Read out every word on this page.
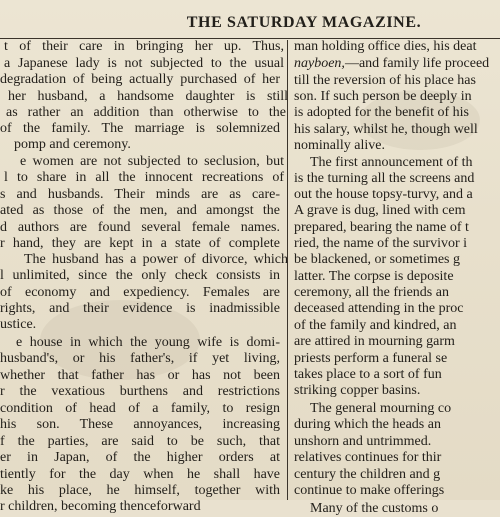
THE SATURDAY MAGAZINE.
t of their care in bringing her up. Thus,
a Japanese lady is not subjected to the usual
degradation of being actually purchased of her
her husband, a handsome daughter is still
as rather an addition than otherwise to the
of the family. The marriage is solemnized
pomp and ceremony.
e women are not subjected to seclusion, but
l to share in all the innocent recreations of
s and husbands. Their minds are as care-
ated as those of the men, and amongst the
d authors are found several female names.
r hand, they are kept in a state of complete
The husband has a power of divorce, which
l unlimited, since the only check consists in
of economy and expediency. Females are
rights, and their evidence is inadmissible
ustice.
e house in which the young wife is domi-
husband's, or his father's, if yet living,
whether that father has or has not been
r the vexatious burthens and restrictions
condition of head of a family, to resign
his son. These annoyances, increasing
f the parties, are said to be such, that
er in Japan, of the higher orders at
tiently for the day when he shall have
ke his place, he himself, together with
r children, becoming thenceforward
man holding office dies, his deat
nayboen,—and family life proceed
till the reversion of his place has
son. If such person be deeply in
is adopted for the benefit of his
his salary, whilst he, though well
nominally alive.
The first announcement of th
is the turning all the screens and
out the house topsy-turvy, and a
A grave is dug, lined with cem
prepared, bearing the name of t
ried, the name of the survivor i
be blackened, or sometimes g
latter. The corpse is deposite
ceremony, all the friends an
deceased attending in the proc
of the family and kindred, an
are attired in mourning garm
priests perform a funeral se
takes place to a sort of fun
striking copper basins.
The general mourning co
during which the heads an
unshorn and untrimmed.
relatives continues for thir
century the children and g
continue to make offerings
Many of the customs o
